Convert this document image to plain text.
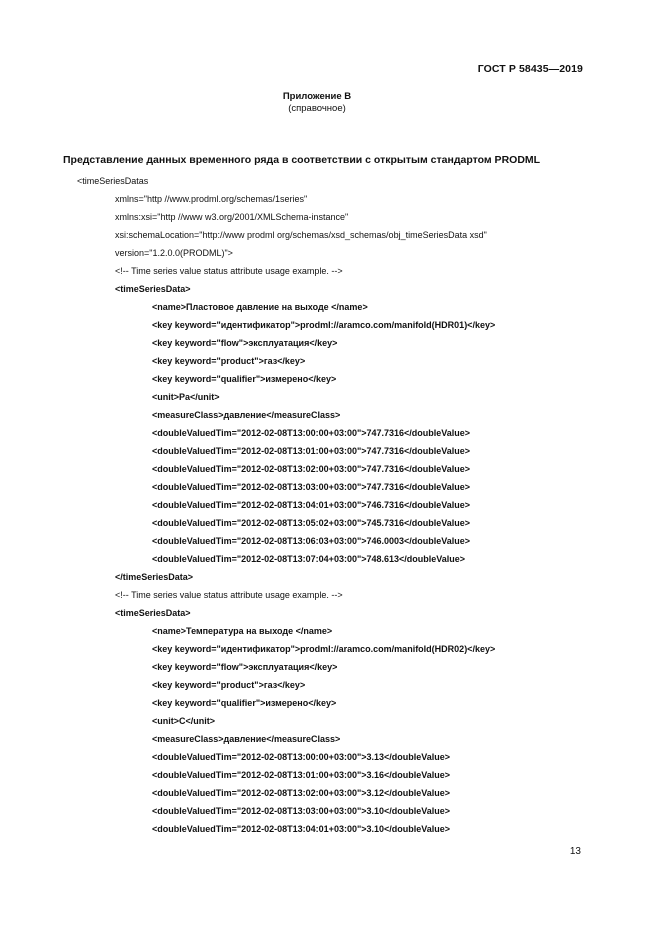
ГОСТ Р 58435—2019
Приложение В
(справочное)
Представление данных временного ряда в соответствии с открытым стандартом PRODML
<timeSeriesDatas
xmlns="http //www.prodml.org/schemas/1series"
xmlns:xsi="http //www w3.org/2001/XMLSchema-instance"
xsi:schemaLocation="http://www prodml org/schemas/xsd_schemas/obj_timeSeriesData xsd"
version="1.2.0.0(PRODML)">
<!-- Time series value status attribute usage example. -->
<timeSeriesData>
<name>Пластовое давление на выходе </name>
<key keyword="идентификатор">prodml://aramco.com/manifold(HDR01)</key>
<key keyword="flow">эксплуатация</key>
<key keyword="product">газ</key>
<key keyword="qualifier">измерено</key>
<unit>Pa</unit>
<measureClass>давление</measureClass>
<doubleValuedTim="2012-02-08T13:00:00+03:00">747.7316</doubleValue>
<doubleValuedTim="2012-02-08T13:01:00+03:00">747.7316</doubleValue>
<doubleValuedTim="2012-02-08T13:02:00+03:00">747.7316</doubleValue>
<doubleValuedTim="2012-02-08T13:03:00+03:00">747.7316</doubleValue>
<doubleValuedTim="2012-02-08T13:04:01+03:00">746.7316</doubleValue>
<doubleValuedTim="2012-02-08T13:05:02+03:00">745.7316</doubleValue>
<doubleValuedTim="2012-02-08T13:06:03+03:00">746.0003</doubleValue>
<doubleValuedTim="2012-02-08T13:07:04+03:00">748.613</doubleValue>
</timeSeriesData>
<!-- Time series value status attribute usage example. -->
<timeSeriesData>
<name>Температура на выходе </name>
<key keyword="идентификатор">prodml://aramco.com/manifold(HDR02)</key>
<key keyword="flow">эксплуатация</key>
<key keyword="product">газ</key>
<key keyword="qualifier">измерено</key>
<unit>C</unit>
<measureClass>давление</measureClass>
<doubleValuedTim="2012-02-08T13:00:00+03:00">3.13</doubleValue>
<doubleValuedTim="2012-02-08T13:01:00+03:00">3.16</doubleValue>
<doubleValuedTim="2012-02-08T13:02:00+03:00">3.12</doubleValue>
<doubleValuedTim="2012-02-08T13:03:00+03:00">3.10</doubleValue>
<doubleValuedTim="2012-02-08T13:04:01+03:00">3.10</doubleValue>
13
